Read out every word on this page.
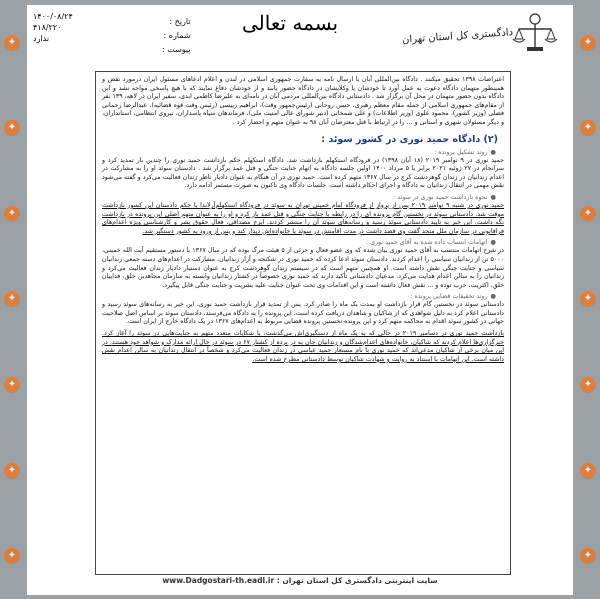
✦
✦
✦
✦
✦
✦
✦
✦
✦
✦
✦
✦
✦
✦
۱۴۰۰/۰۸/۲۴
۴۱۸/۲۲۰
ندارد
تاریخ :
شماره :
پیوست :
بسمه تعالی
دادگستری کل استان تهران

اعتراضات ۱۳۹۸ تحقیق میکنند . دادگاه بین‌المللی آبان با ارسال نامه به سفارت جمهوری اسلامی در لندن و اعلام ادعاهای مسئول ایران درمورد نقض و همینطور متهمان دادگاه دعوت به عمل آورد تا خودشان یا وکلایشان در دادگاه حضور یابند و از خودشان دفاع نمایند که با هیچ پاسخی مواجه نشد و این دادگاه بدون حضور متهمان در محل آن برگزار شد . دادستانی دادگاه بین‌المللی مردمی آبان در نامه‌ای به علیرضا کاظمی ابدی، سفیر ایران در لاهه، ۱۳۹ نفر از مقام‌های جمهوری اسلامی از جمله مقام معظم رهبری، حسن روحانی (رئیس‌جمهور وقت)، ابراهیم رییسی (رئیس وقت قوه قضائیه)، عبدالرضا رحمانی فضلی (وزیر کشور)، محمود علوی (وزیر اطلاعات) و علی شمخانی (دبیر شورای عالی امنیت ملی)، فرماندهان سپاه پاسداران، نیروی انتظامی، استانداران، و دیگر مسئولان شهری و استانی و ... را در ارتباط با قتل معترضان آبان ۹۸ به عنوان متهم و احضار کرد .

(۲) دادگاه حمید نوری در کشور سوئد :
●روند تشکیل پرونده :

حمید نوری در ۹ نوامبر ۲۰۱۹ (۱۸ آبان ۱۳۹۸) در فرودگاه استکهلم بازداشت شد. دادگاه استکهلم حکم بازداشت حمید نوری را چندین بار تمدید کرد و سرانجام در ۲۷ ژوئیه ۲۰۲۱ برابر با ۵ مرداد ۱۴۰۰ اولین جلسه دادگاه به اتهام جنایت جنگی و قتل عمد برگزار شد . دادستان سوئد او را به مشارکت در اعدام زندانیان در زندان گوهردشت کرج در سال ۱۳۶۷ متهم کرده است. حمید نوری در آن هنگام به عنوان دادیار ناظر زندان فعالیت می‌کرد و گفته می‌شود نقش مهمی در انتقال زندانیان به دادگاه و اجرای احکام داشته است. جلسات دادگاه وی تاکنون به صورت مستمر ادامه دارد.

●نحوه بازداشت حمید نوری در سوئد :

حمید نوری در شنبه ۹ نوامبر ۲۰۱۹ پس از پرواز از فرودگاه امام خمینی تهران به سوئد در فرودگاه استکهلم‌آرلاندا با حکم دادستان این کشور بازداشت موقت شد. دادستانی سوئد در نخستین گام پرونده ای را در رابطه با جنایت جنگی و قتل عمد باز کرد و او را به عنوان متهم اصلی این پرونده در بازداشت نگه داشت. این خبر به تایید دادستانی سوئد رسید و رسانه‌های سوئد آن را منتشر کردند. ایرج مصداقی، فعال حقوق بشر و کارشناسی ویژه اعدام‌های فراقانونی در سازمان ملل متحد گفت وی قصد داشت در مدت اقامتش در سوئد با خانواده‌اش دیدار کند و پس از ورود به کشور دستگیر شد.

●اتهامات انتساب داده شده به آقای حمید نوری :

در شرح اتهامات منتسب به آقای حمید نوری بیان شده که وی عضو فعال و جزئی از ۵ هیئت مرگ بوده که در سال ۱۳۶۷ با دستور مستقیم آیت الله خمینی، ۵۰۰۰ تن از زندانیان سیاسی را اعدام کردند. دادستان سوئد ادعا کرده که حمید نوری در شکنجه و آزار زندانیان، مشارکت در اعدام‌های دسته جمعی زندانیان سیاسی و جنایت جنگی نقش داشته است. او همچنین متهم است که در سیستم زندان گوهردشت کرج به عنوان دستیار دادیار زندان فعالیت می‌کرد و زندانیان را به سالن اعدام هدایت می‌کرد. مدعیان دادستانی تأکید دارند که حمید نوری خصوصاً در کشتار زندانیان وابسته به سازمان مجاهدین خلق، فداییان خلق، اکثریت، حزب توده و ... نقش فعال داشته است و این اقدامات وی تحت عنوان جنایت علیه بشریت و جنایت جنگی قابل پیگیرد.

●روند تحقیقات قضایی پرونده :

دادستانی سوئد در نخستین گام قرار بازداشت او بمدت یک ماه را صادر کرد. پس از تمدید قرار بازداشت حمید نوری، این خبر به رسانه‌های سوئد رسید و دادستانی اعلام کرد به دلیل شواهدی که از شاکیان و شاهدان دریافت کرده است، این پرونده را به دادگاه می‌فرستد. دادستان سوئد بر اساس اصل صلاحیت جهانی در کشور سوئد اقدام به محاکمه متهم کرد و این پرونده نخستین پرونده قضایی مربوط به اعدام‌های ۱۳۶۷ در یک دادگاه خارج از ایران است.

بازداشت حمید نوری در دسامبر ۲۰۱۹ در حالی که به یک ماه از دستگیری‌اش می‌گذشت، با شکایات متعدد متهم به جنایت‌هایی در سوئد را آغاز کرد. خبرگزاری‌ها اعلام کردند که شاکیان، خانواده‌های اعدام‌شدگان و زندانیان جان به در برده از کشتار ۶۷ در سوئد در حال ارائه مدارک و شواهد خود هستند. در این میان برخی از شاکیان مدعی‌اند که حمید نوری با نام مستعار حمید عباسی در زندان فعالیت می‌کرد و شخصاً در انتقال زندانیان به سالن اعدام نقش داشته است. این اتهامات با استناد به روایت و شهادت شاکیان توسط دادستانی مطرح شده است.

سایت اینترنتی دادگستری کل استان تهران : www.Dadgostari-th.eadl.ir
